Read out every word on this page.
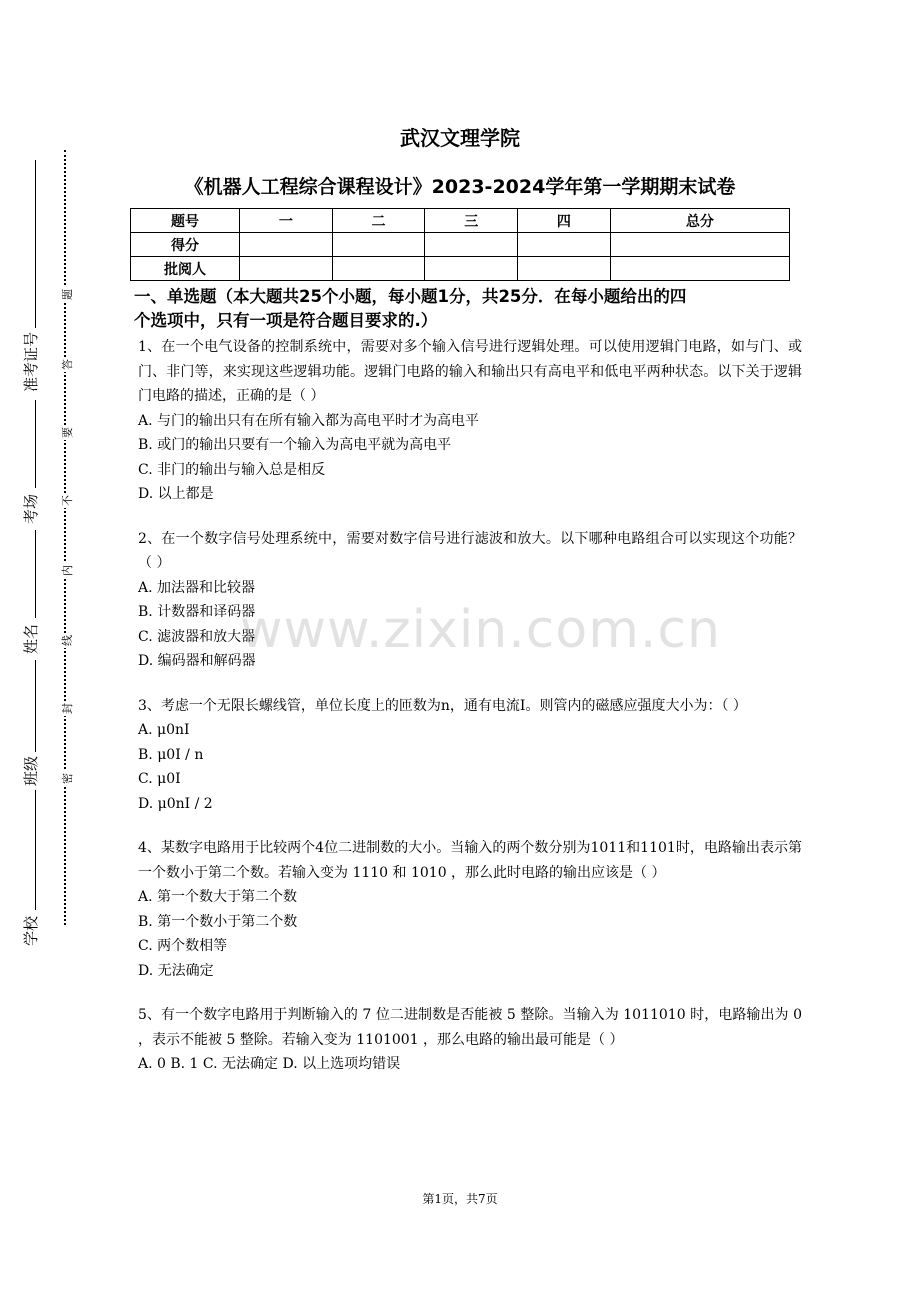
题
答
要
不
内
线
封
密
准考证号
考场
姓名
班级
学校
武汉文理学院
《机器人工程综合课程设计》2023-2024学年第一学期期末试卷
题号	一	二	三	四	总分
得分					
批阅人					
一、单选题（本大题共25个小题，每小题1分，共25分．在每小题给出的四
个选项中，只有一项是符合题目要求的.）

1、在一个电气设备的控制系统中，需要对多个输入信号进行逻辑处理。可以使用逻辑门电路，如与门、或门、非门等，来实现这些逻辑功能。逻辑门电路的输入和输出只有高电平和低电平两种状态。以下关于逻辑门电路的描述，正确的是（ ）

A. 与门的输出只有在所有输入都为高电平时才为高电平

B. 或门的输出只要有一个输入为高电平就为高电平

C. 非门的输出与输入总是相反

D. 以上都是

2、在一个数字信号处理系统中，需要对数字信号进行滤波和放大。以下哪种电路组合可以实现这个功能？（ ）

A. 加法器和比较器

B. 计数器和译码器

C. 滤波器和放大器

D. 编码器和解码器

3、考虑一个无限长螺线管，单位长度上的匝数为n，通有电流I。则管内的磁感应强度大小为：（ ）

A. μ0nI

B. μ0I / n

C. μ0I

D. μ0nI / 2

4、某数字电路用于比较两个4位二进制数的大小。当输入的两个数分别为1011和1101时，电路输出表示第一个数小于第二个数。若输入变为 1110 和 1010 ，那么此时电路的输出应该是（ ）

A. 第一个数大于第二个数

B. 第一个数小于第二个数

C. 两个数相等

D. 无法确定

5、有一个数字电路用于判断输入的 7 位二进制数是否能被 5 整除。当输入为 1011010 时，电路输出为 0 ，表示不能被 5 整除。若输入变为 1101001 ，那么电路的输出最可能是（ ）

A. 0 B. 1 C. 无法确定 D. 以上选项均错误

www.zixin.com.cn
第1页，共7页
